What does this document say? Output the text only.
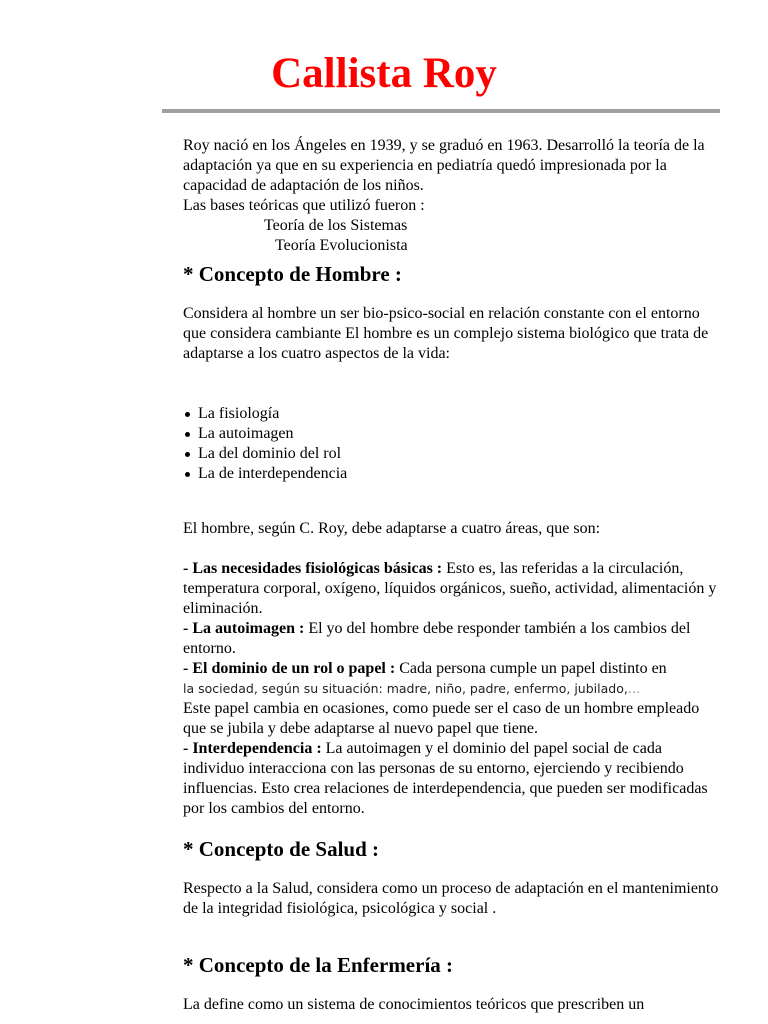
Callista Roy

Roy nació en los Ángeles en 1939, y se graduó en 1963. Desarrolló la teoría de la adaptación ya que en su experiencia en pediatría quedó impresionada por la capacidad de adaptación de los niños.

Las bases teóricas que utilizó fueron :

Teoría de los Sistemas

Teoría Evolucionista

* Concepto de Hombre :

Considera al hombre un ser bio-psico-social en relación constante con el entorno que considera cambiante El hombre es un complejo sistema biológico que trata de adaptarse a los cuatro aspectos de la vida:

La fisiología
La autoimagen
La del dominio del rol
La de interdependencia

El hombre, según C. Roy, debe adaptarse a cuatro áreas, que son:

- Las necesidades fisiológicas básicas : Esto es, las referidas a la circulación, temperatura corporal, oxígeno, líquidos orgánicos, sueño, actividad, alimentación y eliminación.

- La autoimagen : El yo del hombre debe responder también a los cambios del entorno.

- El dominio de un rol o papel : Cada persona cumple un papel distinto en
la sociedad, según su situación: madre, niño, padre, enfermo, jubilado,…
Este papel cambia en ocasiones, como puede ser el caso de un hombre empleado que se jubila y debe adaptarse al nuevo papel que tiene.

- Interdependencia : La autoimagen y el dominio del papel social de cada individuo interacciona con las personas de su entorno, ejerciendo y recibiendo influencias. Esto crea relaciones de interdependencia, que pueden ser modificadas por los cambios del entorno.

* Concepto de Salud :

Respecto a la Salud, considera como un proceso de adaptación en el mantenimiento de la integridad fisiológica, psicológica y social .

* Concepto de la Enfermería :

La define como un sistema de conocimientos teóricos que prescriben un
